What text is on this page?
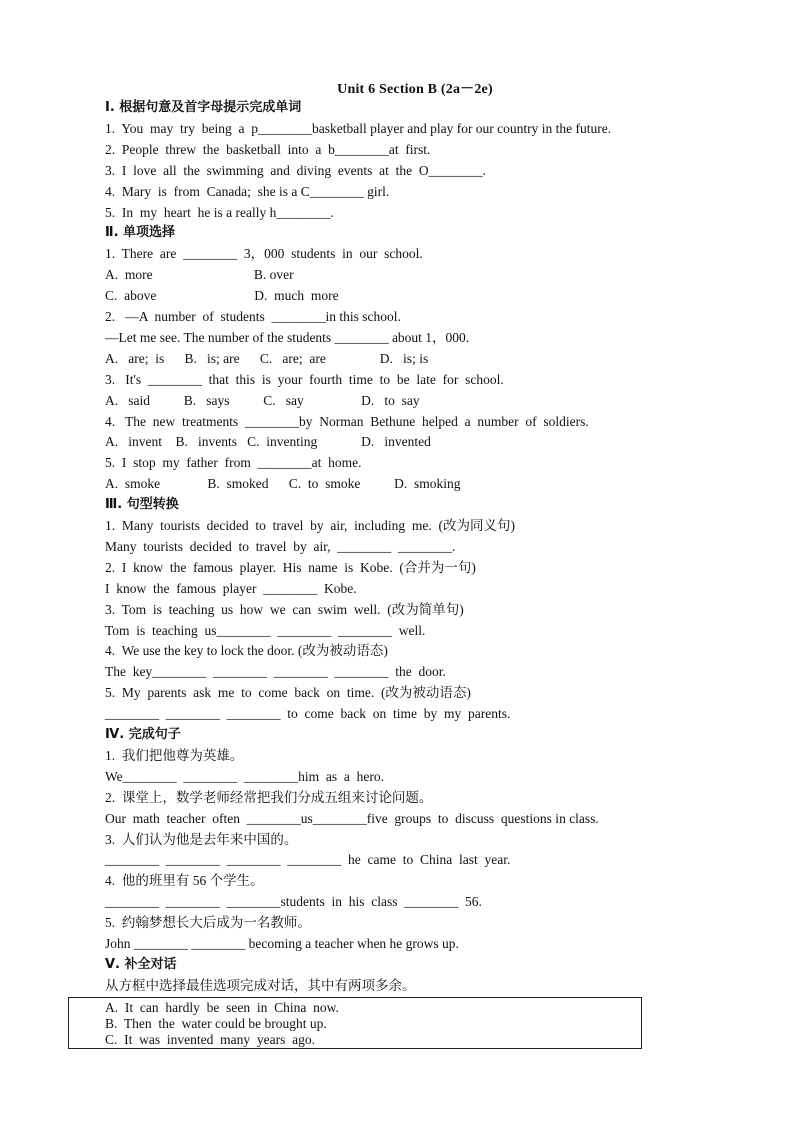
Unit 6 Section B (2a－2e)
Ⅰ. 根据句意及首字母提示完成单词
1.  You  may  try  being  a  p________basketball player and play for our country in the future.
2.  People  threw  the  basketball  into  a  b________at  first.
3.  I  love  all  the  swimming  and  diving  events  at  the  O________.
4.  Mary  is  from  Canada;  she is a C________ girl.
5.  In  my  heart  he is a really h________.
Ⅱ. 单项选择
1.  There  are  ________  3，000  students  in  our  school.
A.  more                              B. over
C.  above                             D.  much  more
2.   —A  number  of  students  ________in this school.
—Let me see. The number of the students ________ about 1，000.
A.   are;  is      B.   is; are      C.   are;  are                D.   is; is
3.   It's  ________  that  this  is  your  fourth  time  to  be  late  for  school.
A.   said          B.   says          C.   say                 D.   to  say
4.   The  new  treatments  ________by  Norman  Bethune  helped  a  number  of  soldiers.
A.   invent    B.   invents   C.  inventing             D.   invented
5.  I  stop  my  father  from  ________at  home.
A.  smoke              B.  smoked      C.  to  smoke          D.  smoking
Ⅲ. 句型转换
1.  Many  tourists  decided  to  travel  by  air,  including  me.  (改为同义句)
Many  tourists  decided  to  travel  by  air,  ________  ________.
2.  I  know  the  famous  player.  His  name  is  Kobe.  (合并为一句)
I  know  the  famous  player  ________  Kobe.
3.  Tom  is  teaching  us  how  we  can  swim  well.  (改为简单句)
Tom  is  teaching  us________  ________  ________  well.
4.  We use the key to lock the door. (改为被动语态)
The  key________  ________  ________  ________  the  door.
5.  My  parents  ask  me  to  come  back  on  time.  (改为被动语态)
________  ________  ________  to  come  back  on  time  by  my  parents.
Ⅳ. 完成句子
1.  我们把他尊为英雄。
We________  ________  ________him  as  a  hero.
2.  课堂上，数学老师经常把我们分成五组来讨论问题。
Our  math  teacher  often  ________us________five  groups  to  discuss  questions in class.
3.  人们认为他是去年来中国的。
________  ________  ________  ________  he  came  to  China  last  year.
4.  他的班里有 56 个学生。
________  ________  ________students  in  his  class  ________  56.
5.  约翰梦想长大后成为一名教师。
John ________ ________ becoming a teacher when he grows up.
Ⅴ. 补全对话
从方框中选择最佳选项完成对话，其中有两项多余。
A.  It  can  hardly  be  seen  in  China  now.
B.  Then  the  water could be brought up.
C.  It  was  invented  many  years  ago.
